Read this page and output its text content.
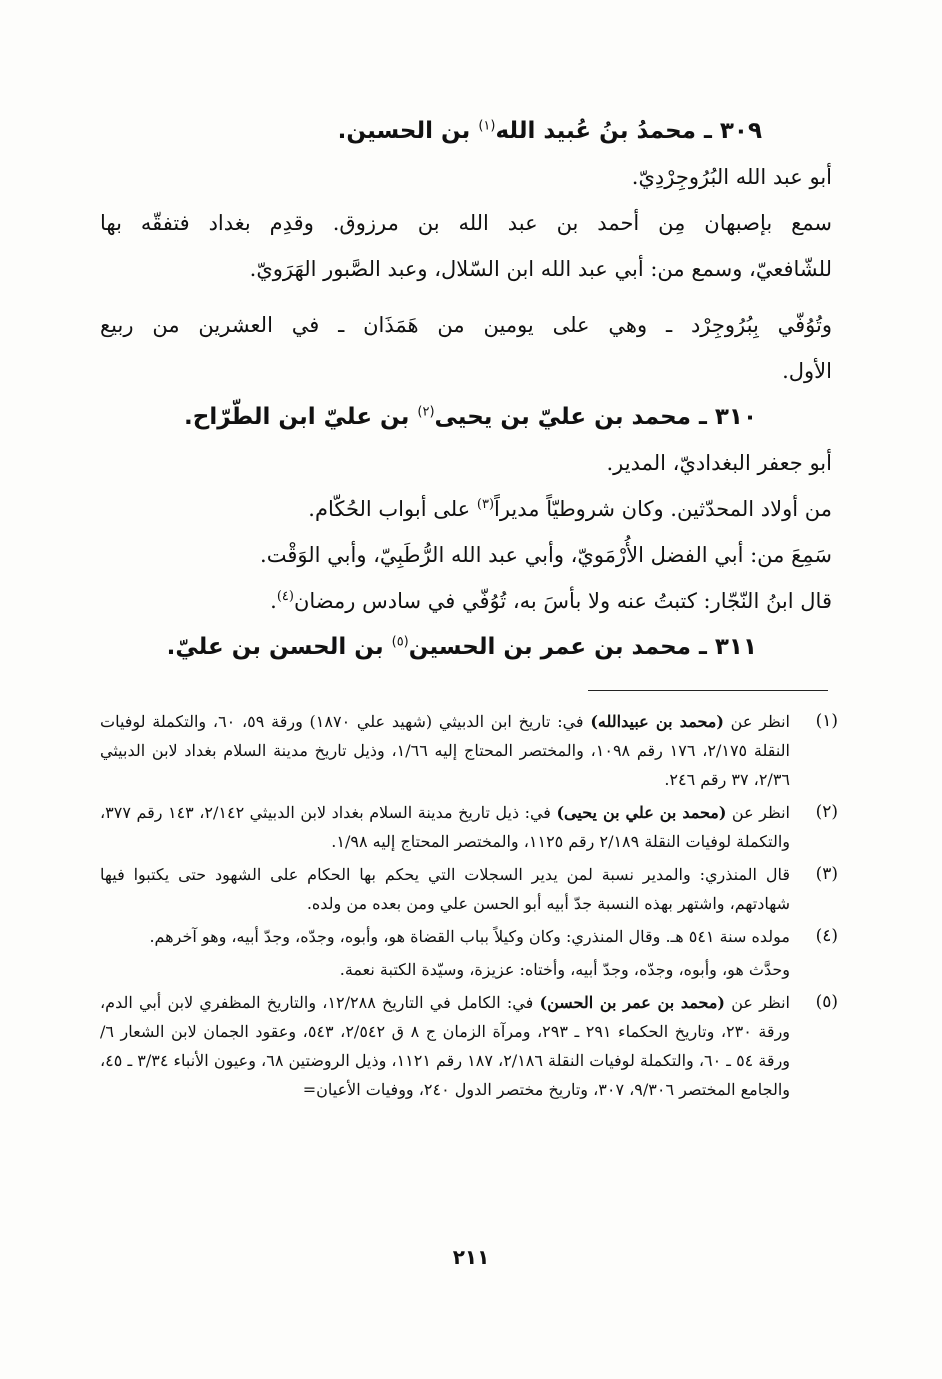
٣٠٩ ـ محمدُ بنُ عُبيد الله$^{(١)}$ بن الحسين.

أبو عبد الله البُرُوجِرْدِيّ.

سمع بإصبهان مِن أحمد بن عبد الله بن مرزوق. وقدِم بغداد فتفقّه بها

للشّافعيّ، وسمع من: أبي عبد الله ابن السّلال، وعبد الصَّبور الهَرَويّ.

وتُوُفّي بِبُرُوجِرْد ـ وهي على يومين من هَمَذَان ـ في العشرين من ربيع

الأول.

٣١٠ ـ محمد بن عليّ بن يحيى$^{(٢)}$ بن عليّ ابن الطّرّاح.

أبو جعفر البغداديّ، المدير.

من أولاد المحدّثين. وكان شروطيّاً مديراً$^{(٣)}$ على أبواب الحُكّام.

سَمِعَ من: أبي الفضل الأُرْمَويّ، وأبي عبد الله الرُّطَبِيّ، وأبي الوَقْت.

قال ابنُ النّجّار: كتبتُ عنه ولا بأسَ به، تُوُفّي في سادس رمضان$^{(٤)}$.

٣١١ ـ محمد بن عمر بن الحسين$^{(٥)}$ بن الحسن بن عليّ.
(١)
انظر عن (محمد بن عبيدالله) في: تاريخ ابن الدبيثي (شهيد علي ١٨٧٠) ورقة ٥٩، ٦٠، والتكملة لوفيات النقلة ٢/١٧٥، ١٧٦ رقم ١٠٩٨، والمختصر المحتاج إليه ١/٦٦، وذيل تاريخ مدينة السلام بغداد لابن الدبيثي ٢/٣٦، ٣٧ رقم ٢٤٦.
(٢)
انظر عن (محمد بن علي بن يحيى) في: ذيل تاريخ مدينة السلام بغداد لابن الدبيثي ٢/١٤٢، ١٤٣ رقم ٣٧٧، والتكملة لوفيات النقلة ٢/١٨٩ رقم ١١٢٥، والمختصر المحتاج إليه ١/٩٨.
(٣)
قال المنذري: والمدير نسبة لمن يدير السجلات التي يحكم بها الحكام على الشهود حتى يكتبوا فيها شهادتهم، واشتهر بهذه النسبة جدّ أبيه أبو الحسن علي ومن بعده من ولده.
(٤)
مولده سنة ٥٤١ هـ. وقال المنذري: وكان وكيلاً بباب القضاة هو، وأبوه، وجدّه، وجدّ أبيه، وهو آخرهم.
وحدَّث هو، وأبوه، وجدّه، وجدّ أبيه، وأختاه: عزيزة، وسيّدة الكتبة نعمة.
(٥)
انظر عن (محمد بن عمر بن الحسن) في: الكامل في التاريخ ١٢/٢٨٨، والتاريخ المظفري لابن أبي الدم، ورقة ٢٣٠، وتاريخ الحكماء ٢٩١ ـ ٢٩٣، ومرآة الزمان ج ٨ ق ٢/٥٤٢، ٥٤٣، وعقود الجمان لابن الشعار ٦/ورقة ٥٤ ـ ٦٠، والتكملة لوفيات النقلة ٢/١٨٦، ١٨٧ رقم ١١٢١، وذيل الروضتين ٦٨، وعيون الأنباء ٣/٣٤ ـ ٤٥، والجامع المختصر ٩/٣٠٦، ٣٠٧، وتاريخ مختصر الدول ٢٤٠، ووفيات الأعيان=
٢١١
